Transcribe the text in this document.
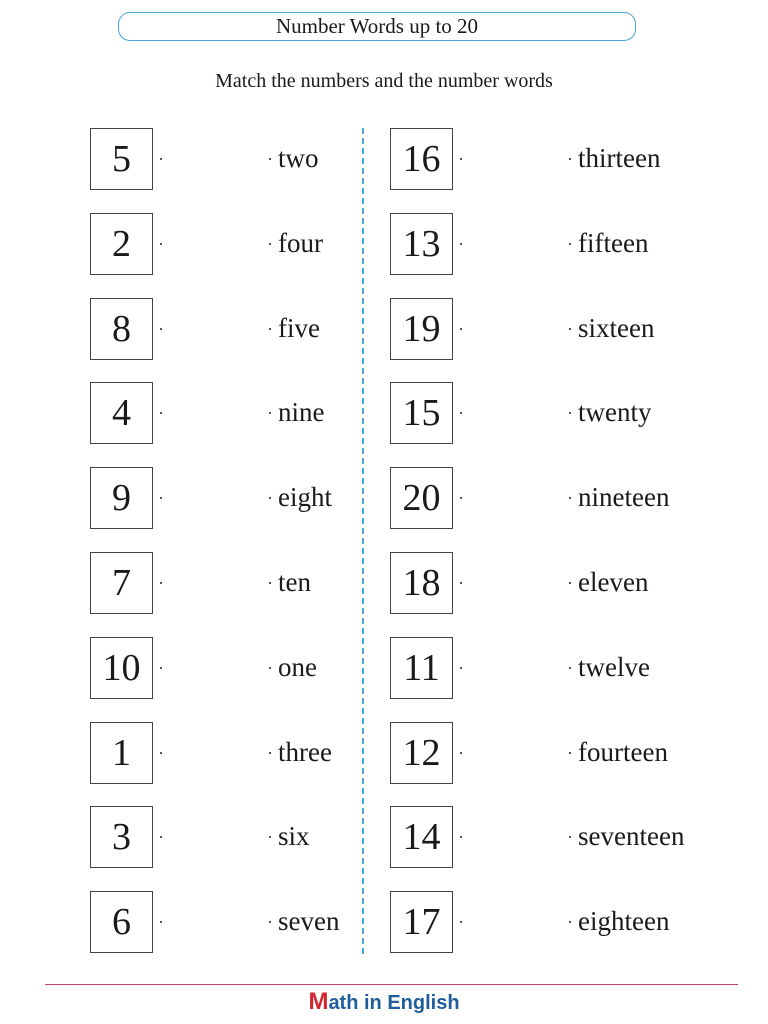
Number Words up to 20
Match the numbers and the number words
5	two
2	four
8	five
4	nine
9	eight
7	ten
10	one
1	three
3	six
6	seven
16	thirteen
13	fifteen
19	sixteen
15	twenty
20	nineteen
18	eleven
11	twelve
12	fourteen
14	seventeen
17	eighteen
Math in English
